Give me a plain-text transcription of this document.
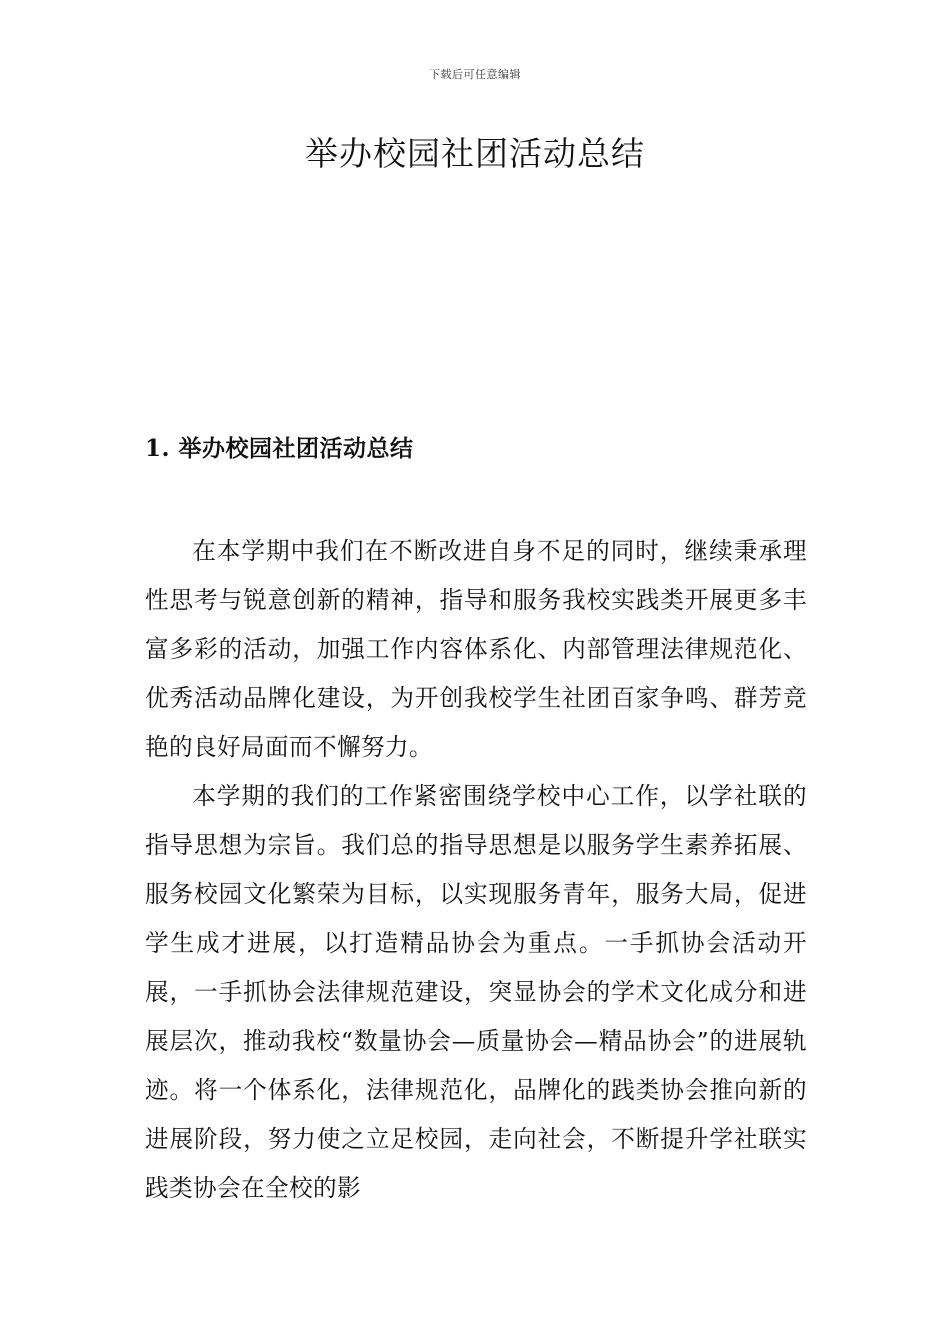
下载后可任意编辑
举办校园社团活动总结
1. 举办校园社团活动总结

在本学期中我们在不断改进自身不足的同时，继续秉承理性思考与锐意创新的精神，指导和服务我校实践类开展更多丰富多彩的活动，加强工作内容体系化、内部管理法律规范化、优秀活动品牌化建设，为开创我校学生社团百家争鸣、群芳竞艳的良好局面而不懈努力。

本学期的我们的工作紧密围绕学校中心工作，以学社联的指导思想为宗旨。我们总的指导思想是以服务学生素养拓展、服务校园文化繁荣为目标，以实现服务青年，服务大局，促进学生成才进展，以打造精品协会为重点。一手抓协会活动开展，一手抓协会法律规范建设，突显协会的学术文化成分和进展层次，推动我校“数量协会—质量协会—精品协会”的进展轨迹。将一个体系化，法律规范化，品牌化的践类协会推向新的进展阶段，努力使之立足校园，走向社会，不断提升学社联实践类协会在全校的影
